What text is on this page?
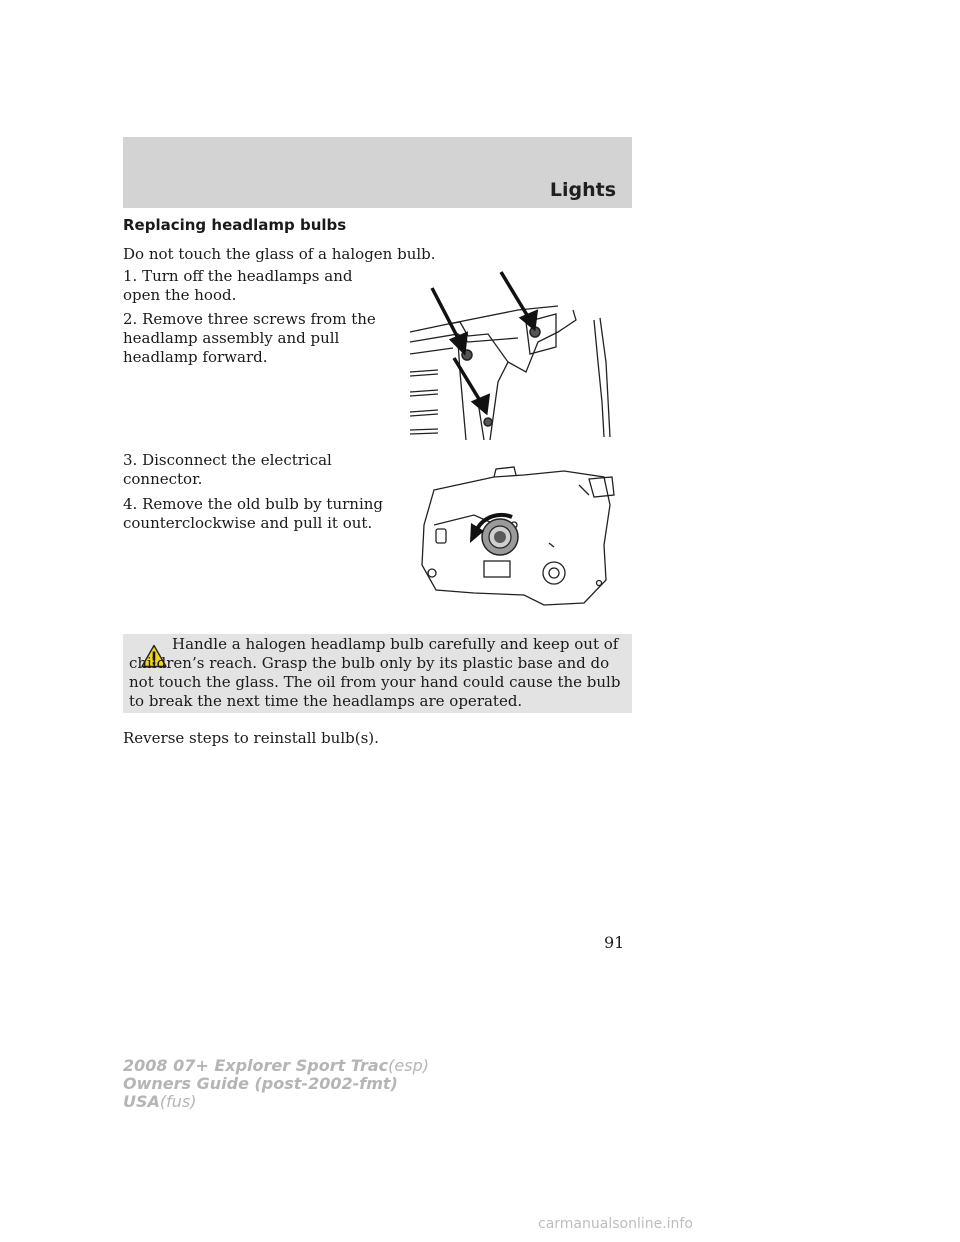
Lights
Replacing headlamp bulbs

Do not touch the glass of a halogen bulb.

1. Turn off the headlamps and open the hood.

2. Remove three screws from the headlamp assembly and pull headlamp forward.

3. Disconnect the electrical connector.

4. Remove the old bulb by turning counterclockwise and pull it out.

Handle a halogen headlamp bulb carefully and keep out of children’s reach. Grasp the bulb only by its plastic base and do not touch the glass. The oil from your hand could cause the bulb to break the next time the headlamps are operated.

Reverse steps to reinstall bulb(s).

91
2008 07+ Explorer Sport Trac(esp)
Owners Guide (post-2002-fmt)
USA(fus)
carmanualsonline.info
